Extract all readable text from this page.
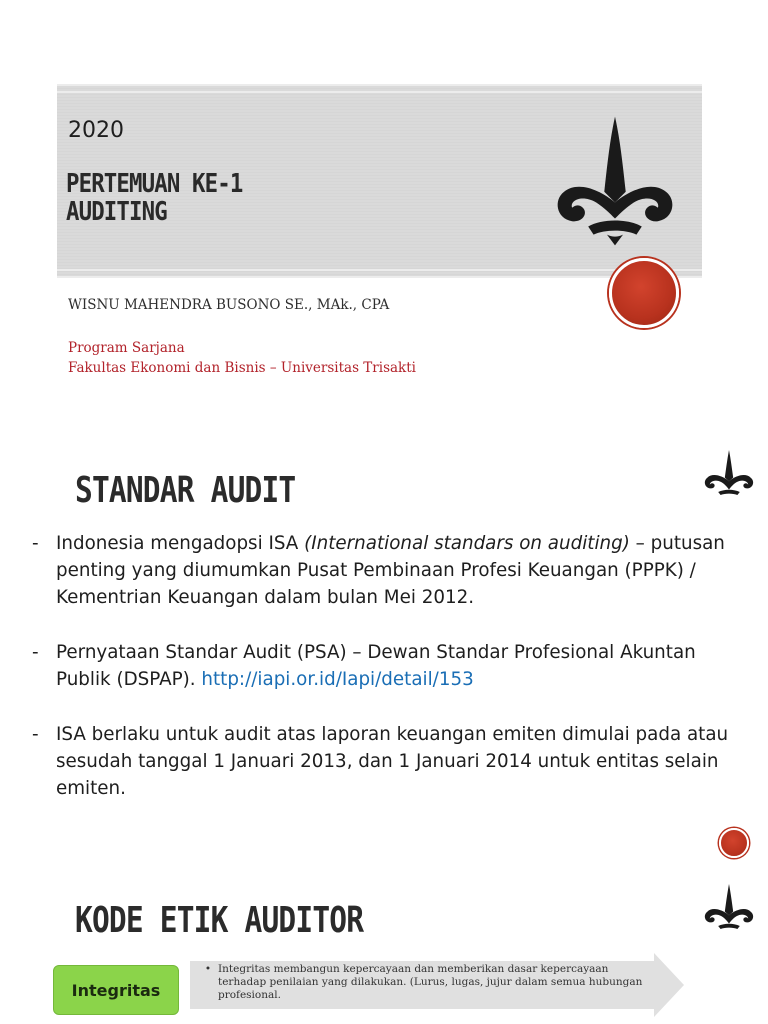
2020
PERTEMUAN KE-1
AUDITING
WISNU MAHENDRA BUSONO SE., MAk., CPA
Program Sarjana
Fakultas Ekonomi dan Bisnis – Universitas Trisakti
STANDAR AUDIT
- Indonesia mengadopsi ISA (International standars on auditing) – putusan penting yang diumumkan Pusat Pembinaan Profesi Keuangan (PPPK) / Kementrian Keuangan dalam bulan Mei 2012.
- Pernyataan Standar Audit (PSA) – Dewan Standar Profesional Akuntan Publik (DSPAP). http://iapi.or.id/Iapi/detail/153
- ISA berlaku untuk audit atas laporan keuangan emiten dimulai pada atau sesudah tanggal 1 Januari 2013, dan 1 Januari 2014 untuk entitas selain emiten.
KODE ETIK AUDITOR
Integritas
• Integritas membangun kepercayaan dan memberikan dasar kepercayaan terhadap penilaian yang dilakukan. (Lurus, lugas, jujur dalam semua hubungan profesional.
